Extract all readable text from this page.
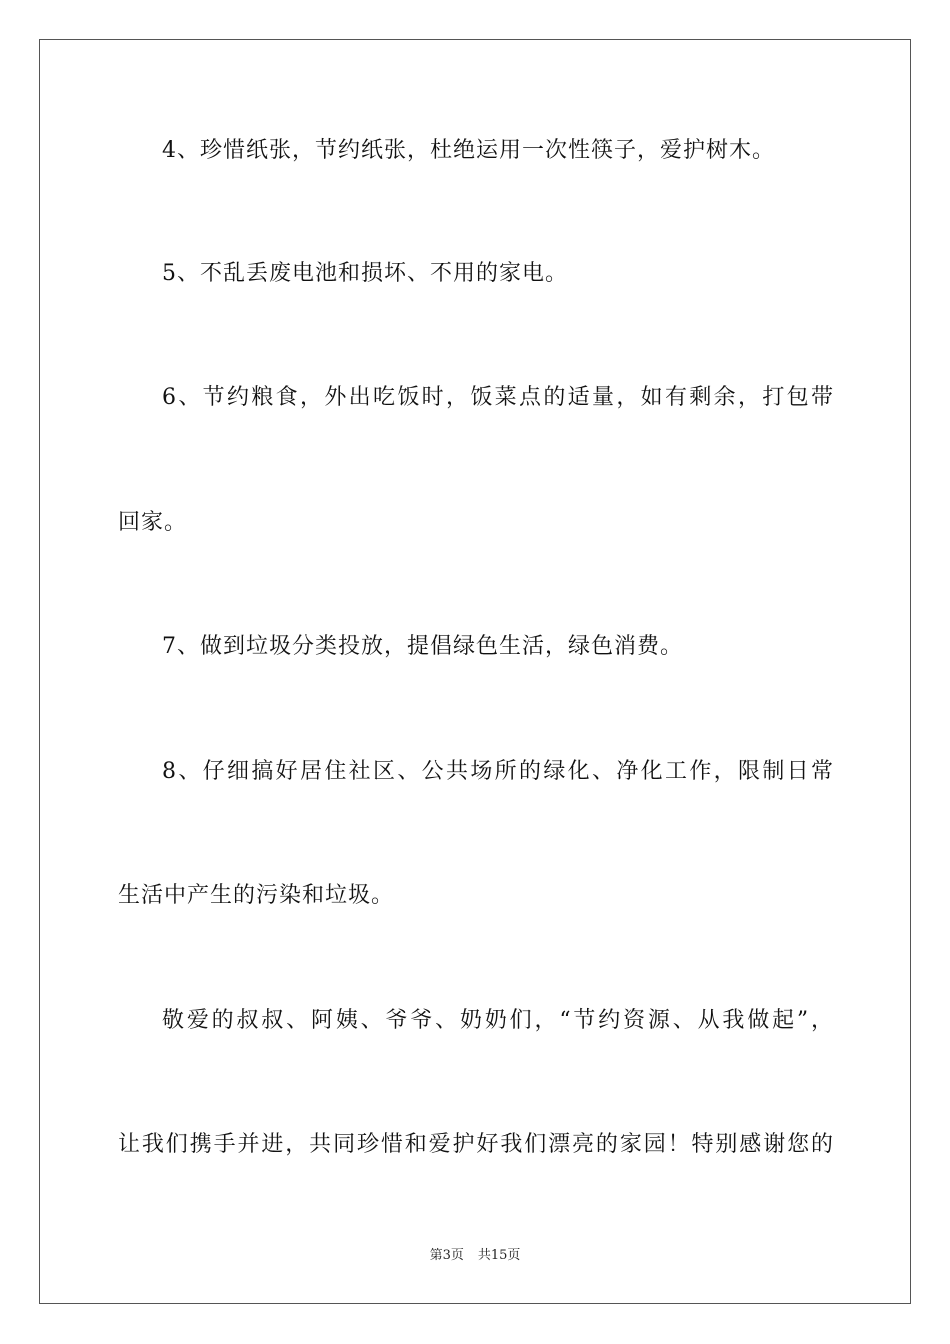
4、珍惜纸张，节约纸张，杜绝运用一次性筷子，爱护树木。
5、不乱丢废电池和损坏、不用的家电。
6、节约粮食，外出吃饭时，饭菜点的适量，如有剩余，打包带
回家。
7、做到垃圾分类投放，提倡绿色生活，绿色消费。
8、仔细搞好居住社区、公共场所的绿化、净化工作，限制日常
生活中产生的污染和垃圾。
敬爱的叔叔、阿姨、爷爷、奶奶们，“节约资源、从我做起”，
让我们携手并进，共同珍惜和爱护好我们漂亮的家园！特别感谢您的
第3页 共15页
